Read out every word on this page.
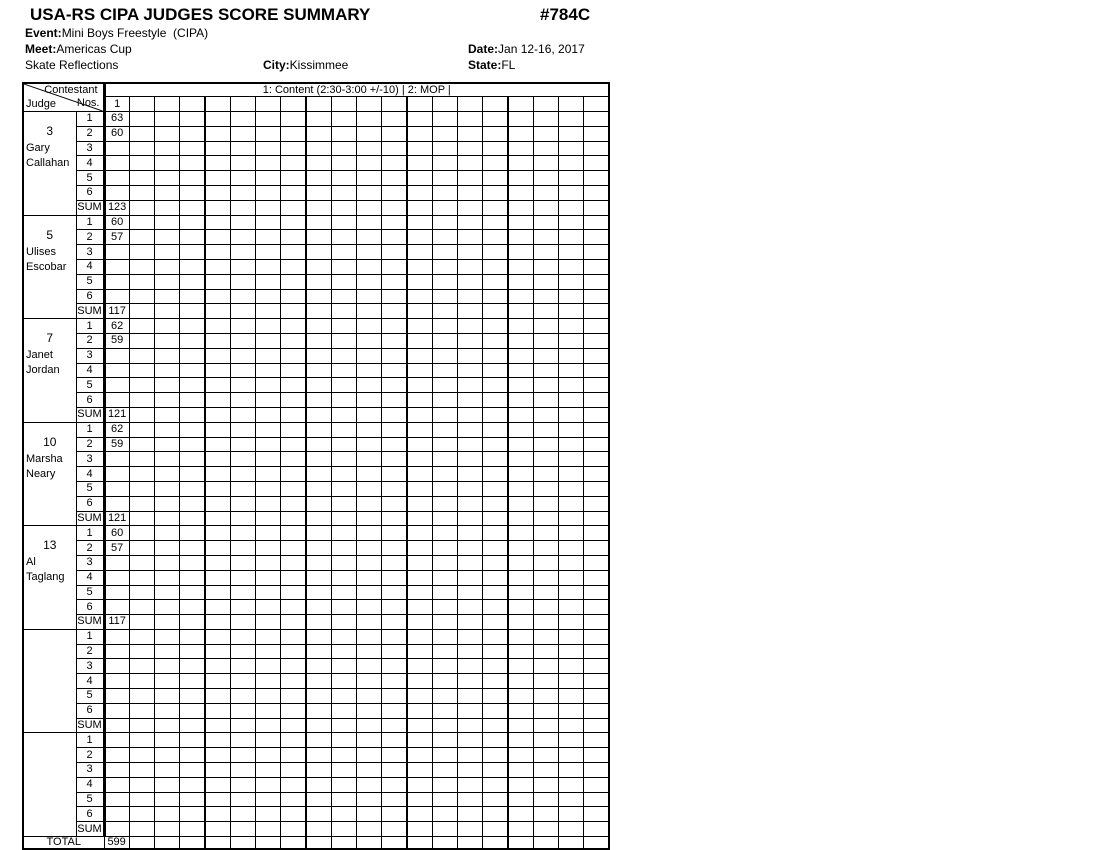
USA-RS CIPA JUDGES SCORE SUMMARY	#784C
Event:Mini Boys Freestyle  (CIPA)
Meet:Americas Cup	Date:Jan 12-16, 2017
Skate Reflections	City:Kissimmee	State:FL
Contestant
Nos.
Judge		1: Content (2:30-3:00 +/-10) | 2: MOP |																			
		1																			

3
Gary
Callahan	1	63																			
	2	60																			
	3																				
	4																				
	5																				
	6																				
	SUM	123																			

5
Ulises
Escobar	1	60																			
	2	57																			
	3																				
	4																				
	5																				
	6																				
	SUM	117																			

7
Janet
Jordan	1	62																			
	2	59																			
	3																				
	4																				
	5																				
	6																				
	SUM	121																			

10
Marsha
Neary	1	62																			
	2	59																			
	3																				
	4																				
	5																				
	6																				
	SUM	121																			

13
Al
Taglang	1	60																			
	2	57																			
	3																				
	4																				
	5																				
	6																				
	SUM	117																			

	1																				
	2																				
	3																				
	4																				
	5																				
	6																				
	SUM																				

	1																				
	2																				
	3																				
	4																				
	5																				
	6																				
	SUM																				
TOTAL		599																			
